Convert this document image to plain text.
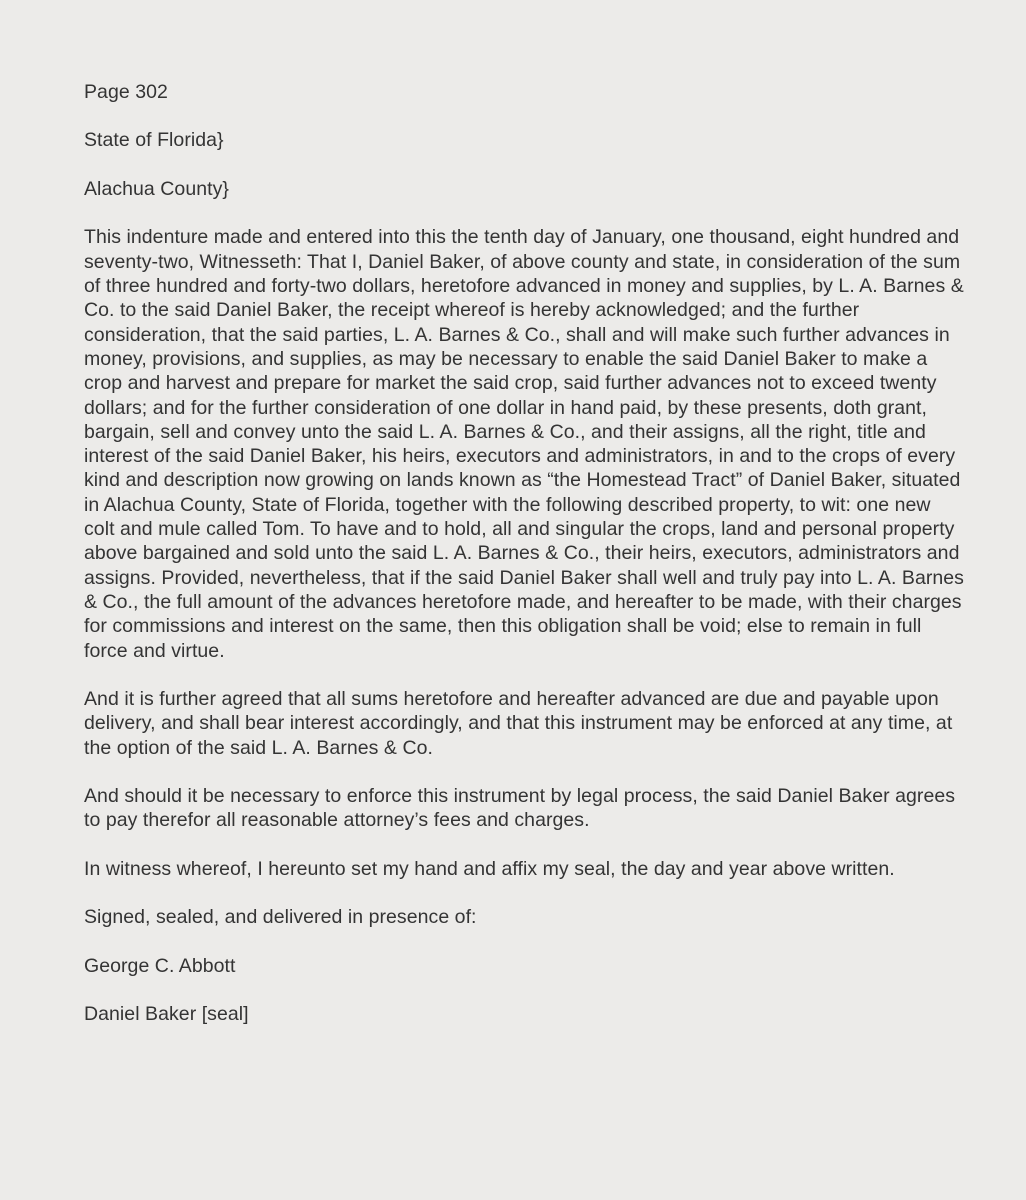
Page 302

State of Florida}

Alachua County}

This indenture made and entered into this the tenth day of January, one thousand, eight hundred and seventy-two, Witnesseth: That I, Daniel Baker, of above county and state, in consideration of the sum of three hundred and forty-two dollars, heretofore advanced in money and supplies, by L. A. Barnes & Co. to the said Daniel Baker, the receipt whereof is hereby acknowledged; and the further consideration, that the said parties, L. A. Barnes & Co., shall and will make such further advances in money, provisions, and supplies, as may be necessary to enable the said Daniel Baker to make a crop and harvest and prepare for market the said crop, said further advances not to exceed twenty dollars; and for the further consideration of one dollar in hand paid, by these presents, doth grant, bargain, sell and convey unto the said L. A. Barnes & Co., and their assigns, all the right, title and interest of the said Daniel Baker, his heirs, executors and administrators, in and to the crops of every kind and description now growing on lands known as “the Homestead Tract” of Daniel Baker, situated in Alachua County, State of Florida, together with the following described property, to wit: one new colt and mule called Tom. To have and to hold, all and singular the crops, land and personal property above bargained and sold unto the said L. A. Barnes & Co., their heirs, executors, administrators and assigns. Provided, nevertheless, that if the said Daniel Baker shall well and truly pay into L. A. Barnes & Co., the full amount of the advances heretofore made, and hereafter to be made, with their charges for commissions and interest on the same, then this obligation shall be void; else to remain in full force and virtue.

And it is further agreed that all sums heretofore and hereafter advanced are due and payable upon delivery, and shall bear interest accordingly, and that this instrument may be enforced at any time, at the option of the said L. A. Barnes & Co.

And should it be necessary to enforce this instrument by legal process, the said Daniel Baker agrees to pay therefor all reasonable attorney’s fees and charges.

In witness whereof, I hereunto set my hand and affix my seal, the day and year above written.

Signed, sealed, and delivered in presence of:

George C. Abbott

Daniel Baker [seal]
